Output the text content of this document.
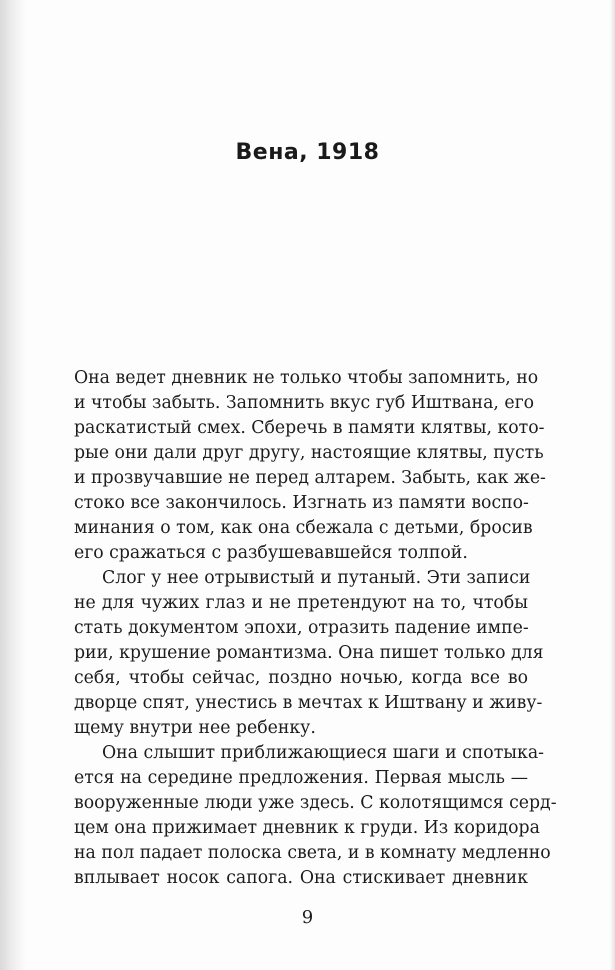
Вена, 1918

Она ведет дневник не только чтобы запомнить, но
и чтобы забыть. Запомнить вкус губ Иштвана, его
раскатистый смех. Сберечь в памяти клятвы, кото-
рые они дали друг другу, настоящие клятвы, пусть
и прозвучавшие не перед алтарем. Забыть, как же-
стоко все закончилось. Изгнать из памяти воспо-
минания о том, как она сбежала с детьми, бросив
его сражаться с разбушевавшейся толпой.

Слог у нее отрывистый и путаный. Эти записи
не для чужих глаз и не претендуют на то, чтобы
стать документом эпохи, отразить падение импе-
рии, крушение романтизма. Она пишет только для
себя, чтобы сейчас, поздно ночью, когда все во
дворце спят, унестись в мечтах к Иштвану и живу-
щему внутри нее ребенку.

Она слышит приближающиеся шаги и спотыка-
ется на середине предложения. Первая мысль —
вооруженные люди уже здесь. С колотящимся серд-
цем она прижимает дневник к груди. Из коридора
на пол падает полоска света, и в комнату медленно
вплывает носок сапога. Она стискивает дневник

9
